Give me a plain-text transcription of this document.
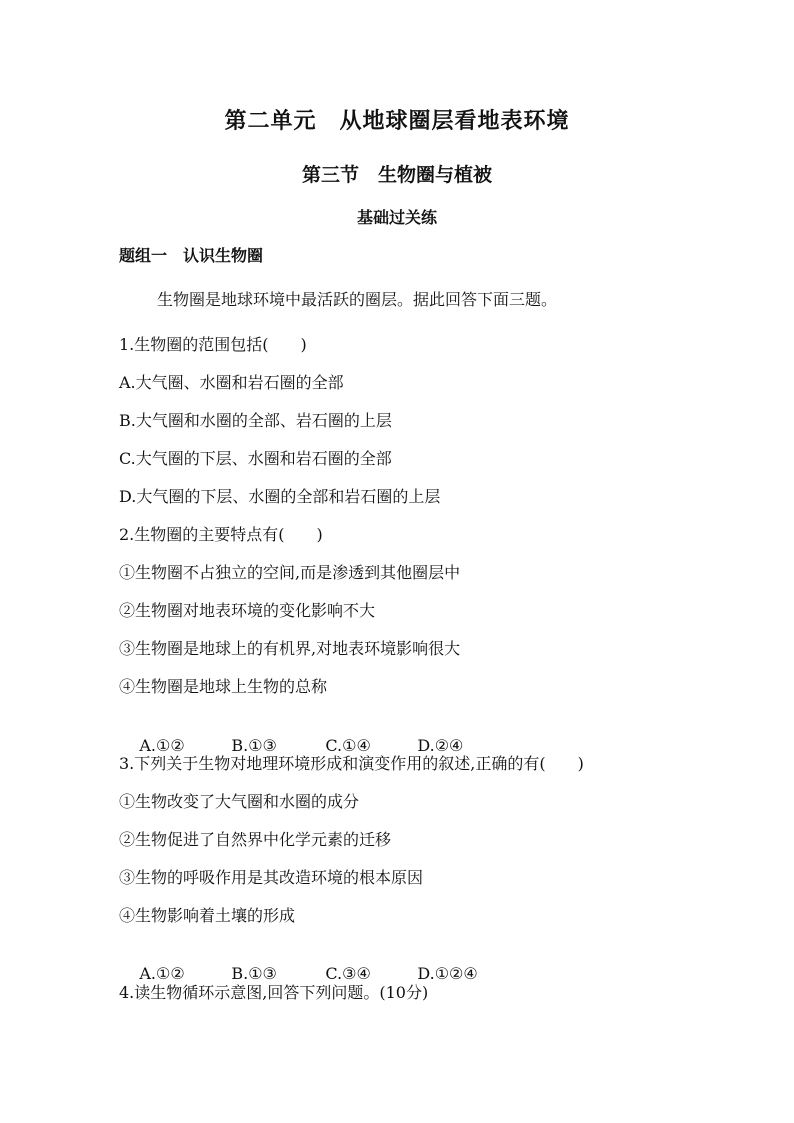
第二单元　从地球圈层看地表环境
第三节　生物圈与植被
基础过关练
题组一　认识生物圈
生物圈是地球环境中最活跃的圈层。据此回答下面三题。
1.生物圈的范围包括(　　)
A.大气圈、水圈和岩石圈的全部
B.大气圈和水圈的全部、岩石圈的上层
C.大气圈的下层、水圈和岩石圈的全部
D.大气圈的下层、水圈的全部和岩石圈的上层
2.生物圈的主要特点有(　　)
①生物圈不占独立的空间,而是渗透到其他圈层中
②生物圈对地表环境的变化影响不大
③生物圈是地球上的有机界,对地表环境影响很大
④生物圈是地球上生物的总称

A.①②	B.①③	C.①④	D.②④

3.下列关于生物对地理环境形成和演变作用的叙述,正确的有(　　)
①生物改变了大气圈和水圈的成分
②生物促进了自然界中化学元素的迁移
③生物的呼吸作用是其改造环境的根本原因
④生物影响着土壤的形成

A.①②	B.①③	C.③④	D.①②④

4.读生物循环示意图,回答下列问题。(10分)
